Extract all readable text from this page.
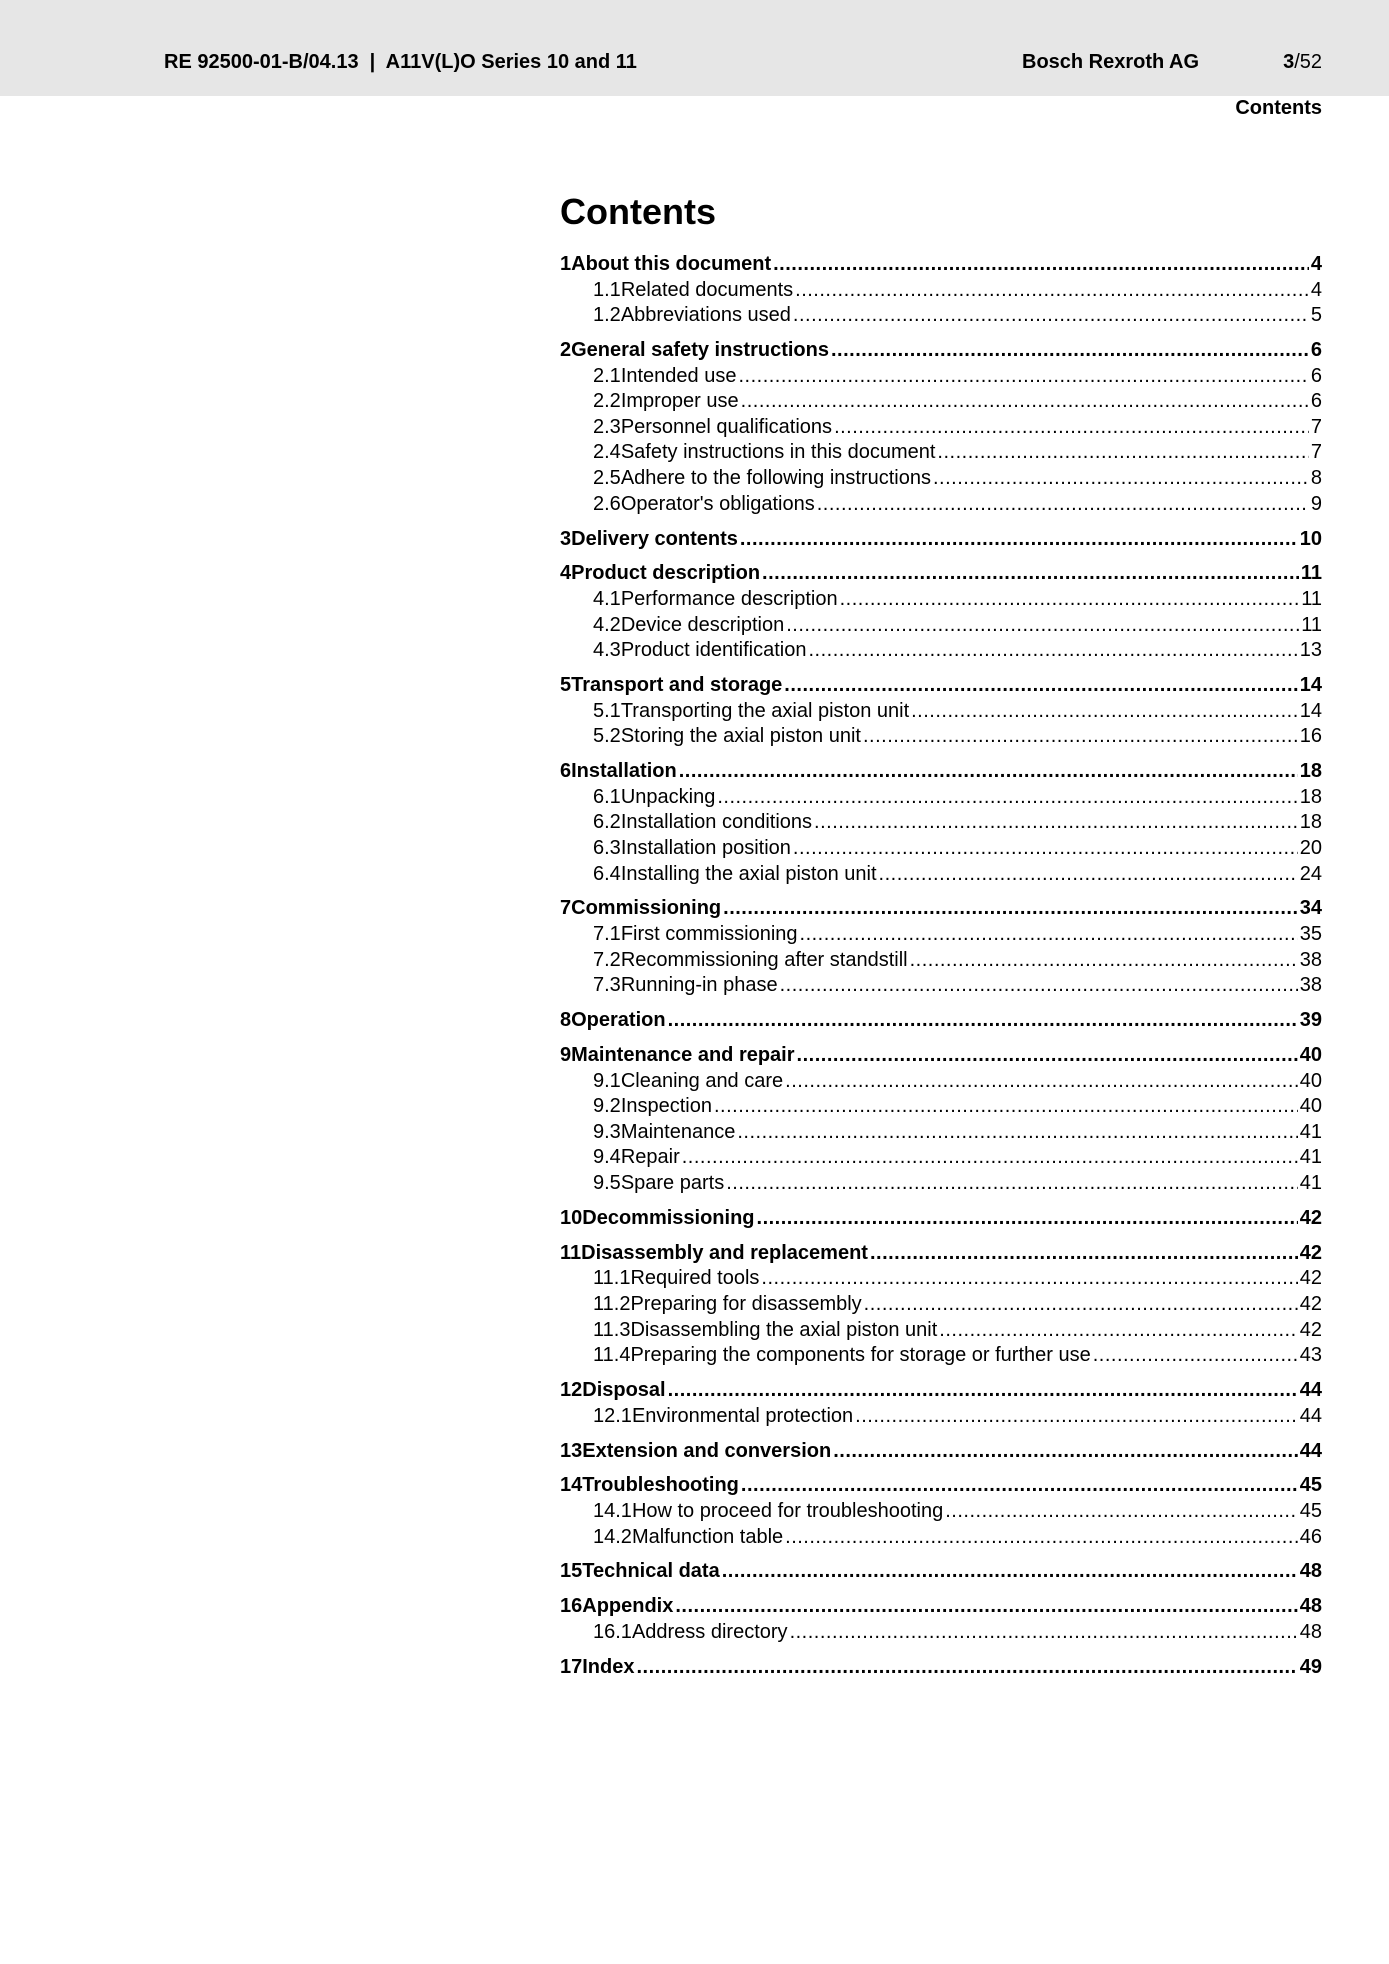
RE 92500-01-B/04.13  |  A11V(L)O Series 10 and 11	Bosch Rexroth AG	3/52
Contents
Contents
1 About this document .....	4
1.1 Related documents .....	4
1.2 Abbreviations used .....	5
2 General safety instructions .....	6
2.1 Intended use .....	6
2.2 Improper use .....	6
2.3 Personnel qualifications .....	7
2.4 Safety instructions in this document .....	7
2.5 Adhere to the following instructions .....	8
2.6 Operator's obligations .....	9
3 Delivery contents .....	10
4 Product description .....	11
4.1 Performance description .....	11
4.2 Device description .....	11
4.3 Product identification .....	13
5 Transport and storage .....	14
5.1 Transporting the axial piston unit .....	14
5.2 Storing the axial piston unit .....	16
6 Installation .....	18
6.1 Unpacking .....	18
6.2 Installation conditions .....	18
6.3 Installation position .....	20
6.4 Installing the axial piston unit .....	24
7 Commissioning .....	34
7.1 First commissioning .....	35
7.2 Recommissioning after standstill .....	38
7.3 Running-in phase .....	38
8 Operation .....	39
9 Maintenance and repair .....	40
9.1 Cleaning and care .....	40
9.2 Inspection .....	40
9.3 Maintenance .....	41
9.4 Repair .....	41
9.5 Spare parts .....	41
10 Decommissioning .....	42
11 Disassembly and replacement .....	42
11.1 Required tools .....	42
11.2 Preparing for disassembly .....	42
11.3 Disassembling the axial piston unit .....	42
11.4 Preparing the components for storage or further use .....	43
12 Disposal .....	44
12.1 Environmental protection .....	44
13 Extension and conversion .....	44
14 Troubleshooting .....	45
14.1 How to proceed for troubleshooting .....	45
14.2 Malfunction table .....	46
15 Technical data .....	48
16 Appendix .....	48
16.1 Address directory .....	48
17 Index .....	49
